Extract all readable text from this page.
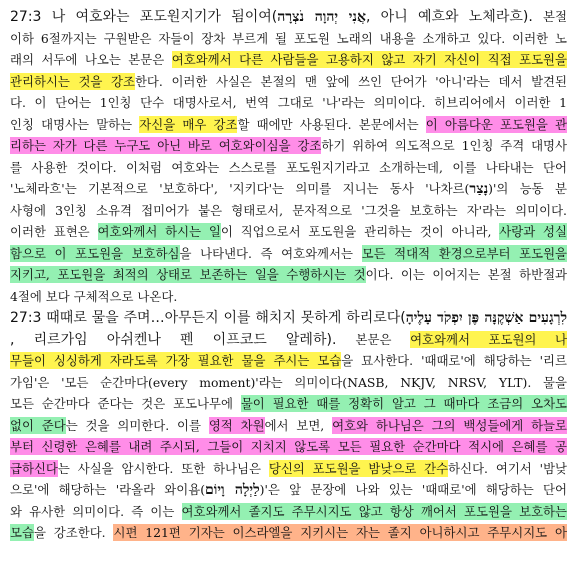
27:3 나 여호와는 포도원지기가 됨이여(אֲנִי יְהוָה נֹצְרָה, 아니 예흐와 노체라흐). 본절
이하 6절까지는 구원받은 자들이 장차 부르게 될 포도원 노래의 내용을 소개하고 있다. 이러한 노
래의 서두에 나오는 본문은 여호와께서 다른 사람들을 고용하지 않고 자기 자신이 직접 포도원을
관리하시는 것을 강조한다. 이러한 사실은 본절의 맨 앞에 쓰인 단어가 '아니'라는 데서 발견된
다. 이 단어는 1인칭 단수 대명사로서, 번역 그대로 '나'라는 의미이다. 히브리어에서 이러한 1
인칭 대명사는 말하는 자신을 매우 강조할 때에만 사용된다. 본문에서는 이 아름다운 포도원을 관
리하는 자가 다른 누구도 아닌 바로 여호와이심을 강조하기 위하여 의도적으로 1인칭 주격 대명사
를 사용한 것이다. 이처럼 여호와는 스스로를 포도원지기라고 소개하는데, 이를 나타내는 단어
'노체라흐'는 기본적으로 '보호하다', '지키다'는 의미를 지니는 동사 '나차르(נָצַר)'의 능동 분
사형에 3인칭 소유격 접미어가 붙은 형태로서, 문자적으로 '그것을 보호하는 자'라는 의미이다.
이러한 표현은 여호와께서 하시는 일이 직업으로서 포도원을 관리하는 것이 아니라, 사랑과 성실
함으로 이 포도원을 보호하심을 나타낸다. 즉 여호와께서는 모든 적대적 환경으로부터 포도원을
지키고, 포도원을 최적의 상태로 보존하는 일을 수행하시는 것이다. 이는 이어지는 본절 하반절과
4절에 보다 구체적으로 나온다.
27:3 때때로 물을 주며…아무든지 이를 해치지 못하게 하리로다(לִרְגָעִים אַשְׁקֶנָּה פֶּן יִפְקֹד עָלֶיהָ
, 리르가임 아쉬켄나 펜 이프코드 알레하). 본문은 여호와께서 포도원의 나
무들이 싱싱하게 자라도록 가장 필요한 물을 주시는 모습을 묘사한다. '때때로'에 해당하는 '리르
가임'은 '모든 순간마다(every moment)'라는 의미이다(NASB, NKJV, NRSV, YLT). 물을
모든 순간마다 준다는 것은 포도나무에 물이 필요한 때를 정확히 알고 그 때마다 조금의 오차도
없이 준다는 것을 의미한다. 이를 영적 차원에서 보면, 여호와 하나님은 그의 백성들에게 하늘로
부터 신령한 은혜를 내려 주시되, 그들이 지치지 않도록 모든 필요한 순간마다 적시에 은혜를 공
급하신다는 사실을 암시한다. 또한 하나님은 당신의 포도원을 밤낮으로 간수하신다. 여기서 '밤낮
으로'에 해당하는 '라올라 와이욤(לַיְלָה וָיוֹם)'은 앞 문장에 나와 있는 '때때로'에 해당하는 단어
와 유사한 의미이다. 즉 이는 여호와께서 졸지도 주무시지도 않고 항상 깨어서 포도원을 보호하는
모습을 강조한다. 시편 121편 기자는 이스라엘을 지키시는 자는 졸지 아니하시고 주무시지도 아
